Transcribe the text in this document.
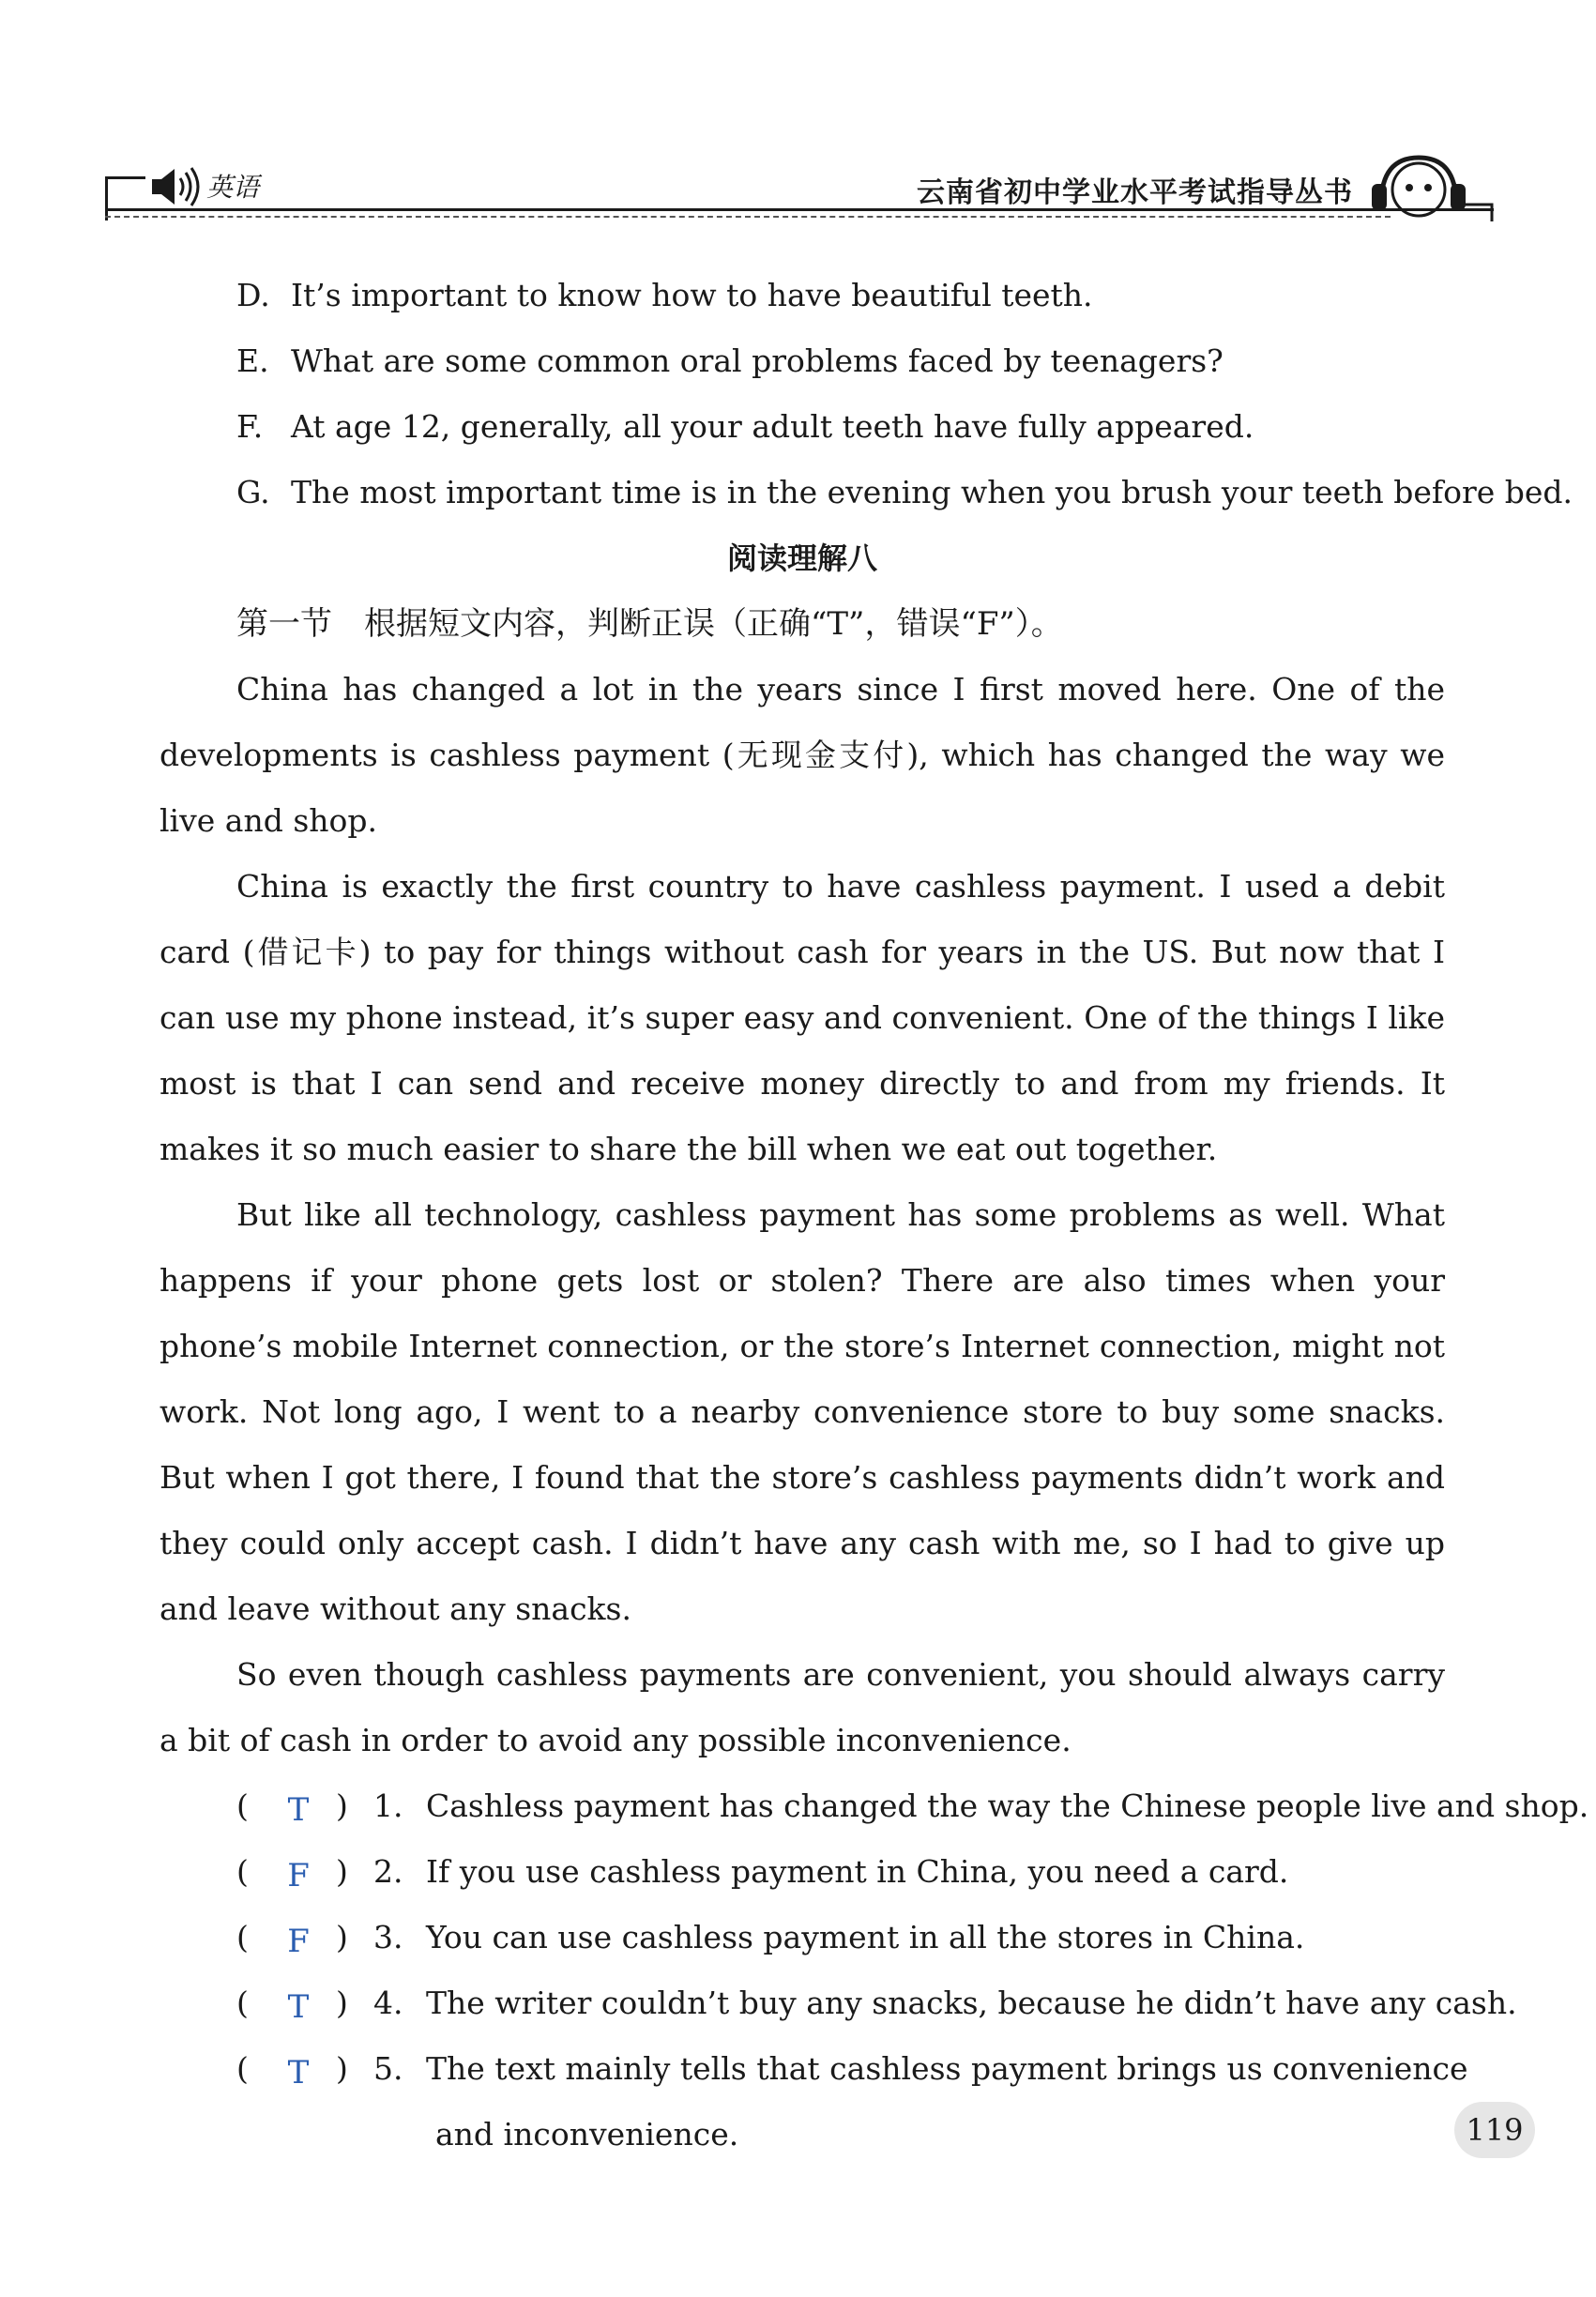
英语	云南省初中学业水平考试指导丛书
D. It’s important to know how to have beautiful teeth.
E. What are some common oral problems faced by teenagers?
F. At age 12, generally, all your adult teeth have fully appeared.
G. The most important time is in the evening when you brush your teeth before bed.
阅读理解八
第一节　根据短文内容，判断正误（正确“T”，错误“F”）。

China has changed a lot in the years since I first moved here. One of the developments is cashless payment (无现金支付), which has changed the way we live and shop.

China is exactly the first country to have cashless payment. I used a debit card (借记卡) to pay for things without cash for years in the US. But now that I can use my phone instead, it’s super easy and convenient. One of the things I like most is that I can send and receive money directly to and from my friends. It makes it so much easier to share the bill when we eat out together.

But like all technology, cashless payment has some problems as well. What happens if your phone gets lost or stolen? There are also times when your phone’s mobile Internet connection, or the store’s Internet connection, might not work. Not long ago, I went to a nearby convenience store to buy some snacks. But when I got there, I found that the store’s cashless payments didn’t work and they could only accept cash. I didn’t have any cash with me, so I had to give up and leave without any snacks.

So even though cashless payments are convenient, you should always carry a bit of cash in order to avoid any possible inconvenience.

( T ) 1. Cashless payment has changed the way the Chinese people live and shop.
( F ) 2. If you use cashless payment in China, you need a card.
( F ) 3. You can use cashless payment in all the stores in China.
( T ) 4. The writer couldn’t buy any snacks, because he didn’t have any cash.
( T ) 5. The text mainly tells that cashless payment brings us convenience
and inconvenience.	119
